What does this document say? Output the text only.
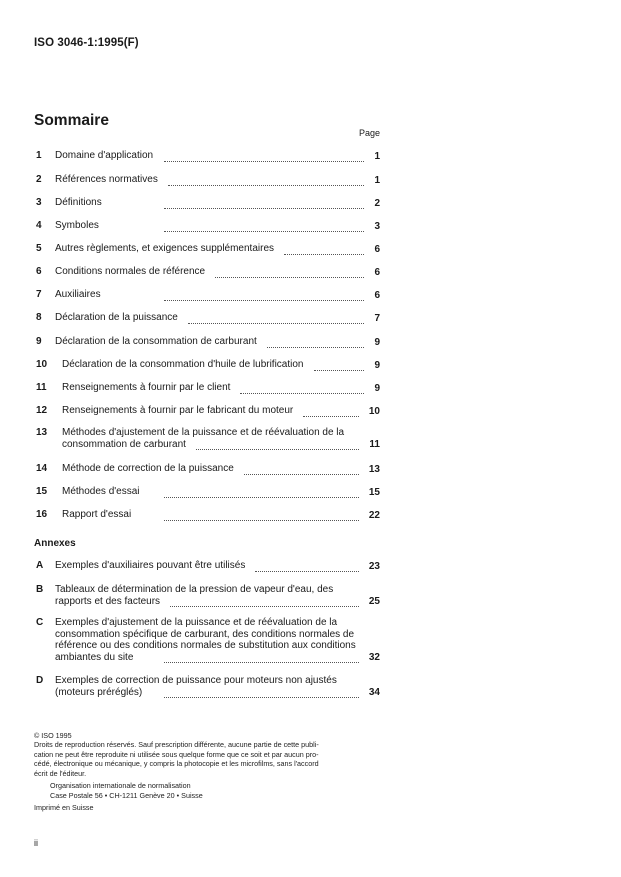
ISO 3046-1:1995(F)
Sommaire
Page
1 Domaine d'application	1
2 Références normatives	1
3 Définitions	2
4 Symboles	3
5 Autres règlements, et exigences supplémentaires	6
6 Conditions normales de référence	6
7 Auxiliaires	6
8 Déclaration de la puissance	7
9 Déclaration de la consommation de carburant	9
10 Déclaration de la consommation d'huile de lubrification	9
11 Renseignements à fournir par le client	9
12 Renseignements à fournir par le fabricant du moteur	10
13 Méthodes d'ajustement de la puissance et de réévaluation de la
consommation de carburant	11
14 Méthode de correction de la puissance	13
15 Méthodes d'essai	15
16 Rapport d'essai	22
Annexes
A Exemples d'auxiliaires pouvant être utilisés	23
B Tableaux de détermination de la pression de vapeur d'eau, des
rapports et des facteurs	25
C Exemples d'ajustement de la puissance et de réévaluation de la
consommation spécifique de carburant, des conditions normales de
référence ou des conditions normales de substitution aux conditions
ambiantes du site	32
D Exemples de correction de puissance pour moteurs non ajustés
(moteurs préréglés)	34
© ISO 1995
Droits de reproduction réservés. Sauf prescription différente, aucune partie de cette publi-
cation ne peut être reproduite ni utilisée sous quelque forme que ce soit et par aucun pro-
cédé, électronique ou mécanique, y compris la photocopie et les microfilms, sans l'accord
écrit de l'éditeur.
Organisation internationale de normalisation
Case Postale 56 • CH-1211 Genève 20 • Suisse
Imprimé en Suisse
ii
